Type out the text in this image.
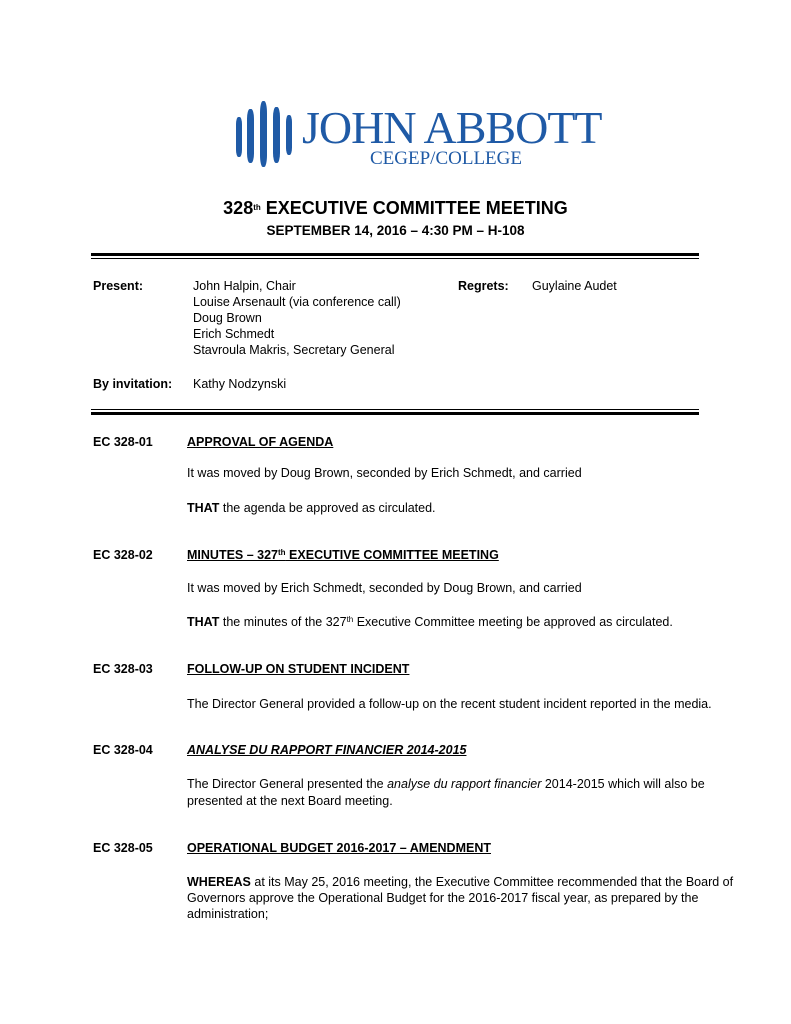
JOHN ABBOTT
CEGEP/COLLEGE
328th EXECUTIVE COMMITTEE MEETING
SEPTEMBER 14, 2016 – 4:30 PM – H-108
Present:	John Halpin, Chair
Louise Arsenault (via conference call)
Doug Brown
Erich Schmedt
Stavroula Makris, Secretary General
Regrets: Guylaine Audet
By invitation: Kathy Nodzynski
EC 328-01	APPROVAL OF AGENDA
It was moved by Doug Brown, seconded by Erich Schmedt, and carried
THAT the agenda be approved as circulated.
EC 328-02	MINUTES – 327th EXECUTIVE COMMITTEE MEETING
It was moved by Erich Schmedt, seconded by Doug Brown, and carried
THAT the minutes of the 327th Executive Committee meeting be approved as circulated.
EC 328-03	FOLLOW-UP ON STUDENT INCIDENT
The Director General provided a follow-up on the recent student incident reported in the media.
EC 328-04	ANALYSE DU RAPPORT FINANCIER 2014-2015
The Director General presented the analyse du rapport financier 2014-2015 which will also be
presented at the next Board meeting.
EC 328-05	OPERATIONAL BUDGET 2016-2017 – AMENDMENT
WHEREAS at its May 25, 2016 meeting, the Executive Committee recommended that the Board of
Governors approve the Operational Budget for the 2016-2017 fiscal year, as prepared by the
administration;
